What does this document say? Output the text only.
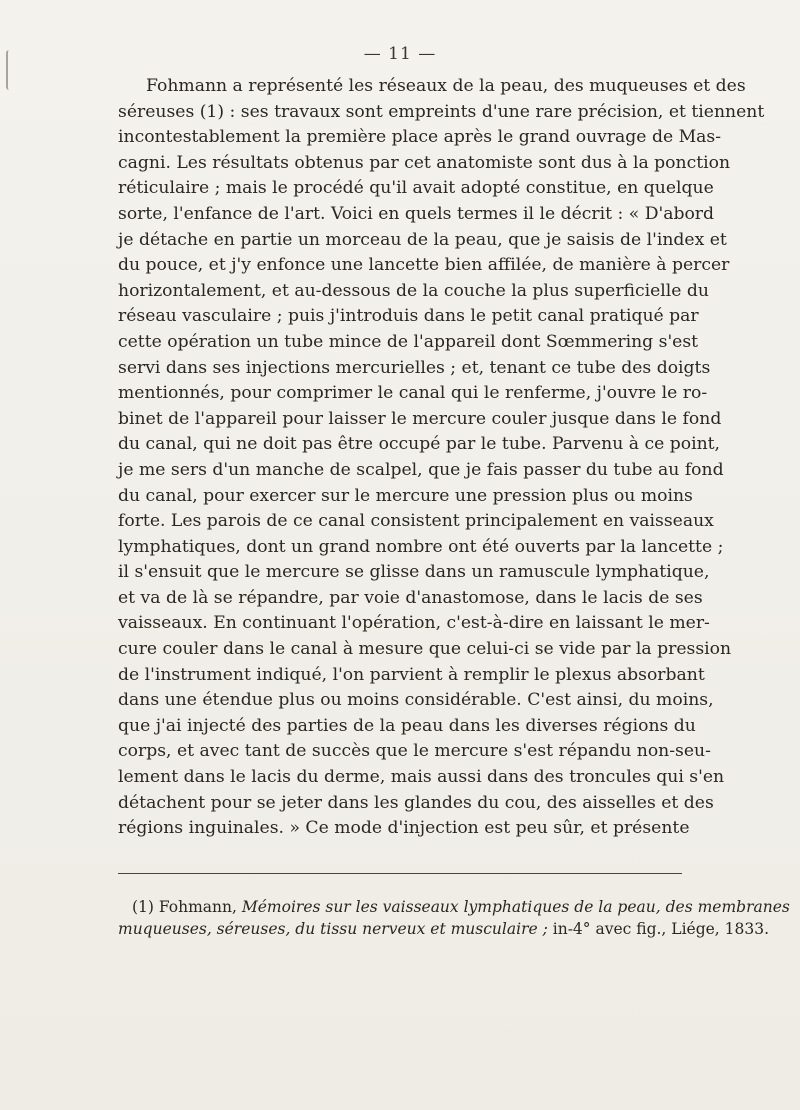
— 11 —
Fohmann a représenté les réseaux de la peau, des muqueuses et des
séreuses (1) : ses travaux sont empreints d'une rare précision, et tiennent
incontestablement la première place après le grand ouvrage de Mas-
cagni. Les résultats obtenus par cet anatomiste sont dus à la ponction
réticulaire ; mais le procédé qu'il avait adopté constitue, en quelque
sorte, l'enfance de l'art. Voici en quels termes il le décrit : « D'abord
je détache en partie un morceau de la peau, que je saisis de l'index et
du pouce, et j'y enfonce une lancette bien affilée, de manière à percer
horizontalement, et au-dessous de la couche la plus superficielle du
réseau vasculaire ; puis j'introduis dans le petit canal pratiqué par
cette opération un tube mince de l'appareil dont Sœmmering s'est
servi dans ses injections mercurielles ; et, tenant ce tube des doigts
mentionnés, pour comprimer le canal qui le renferme, j'ouvre le ro-
binet de l'appareil pour laisser le mercure couler jusque dans le fond
du canal, qui ne doit pas être occupé par le tube. Parvenu à ce point,
je me sers d'un manche de scalpel, que je fais passer du tube au fond
du canal, pour exercer sur le mercure une pression plus ou moins
forte. Les parois de ce canal consistent principalement en vaisseaux
lymphatiques, dont un grand nombre ont été ouverts par la lancette ;
il s'ensuit que le mercure se glisse dans un ramuscule lymphatique,
et va de là se répandre, par voie d'anastomose, dans le lacis de ses
vaisseaux. En continuant l'opération, c'est-à-dire en laissant le mer-
cure couler dans le canal à mesure que celui-ci se vide par la pression
de l'instrument indiqué, l'on parvient à remplir le plexus absorbant
dans une étendue plus ou moins considérable. C'est ainsi, du moins,
que j'ai injecté des parties de la peau dans les diverses régions du
corps, et avec tant de succès que le mercure s'est répandu non-seu-
lement dans le lacis du derme, mais aussi dans des troncules qui s'en
détachent pour se jeter dans les glandes du cou, des aisselles et des
régions inguinales. » Ce mode d'injection est peu sûr, et présente
(1) Fohmann, Mémoires sur les vaisseaux lymphatiques de la peau, des membranes
muqueuses, séreuses, du tissu nerveux et musculaire ; in-4° avec fig., Liége, 1833.
